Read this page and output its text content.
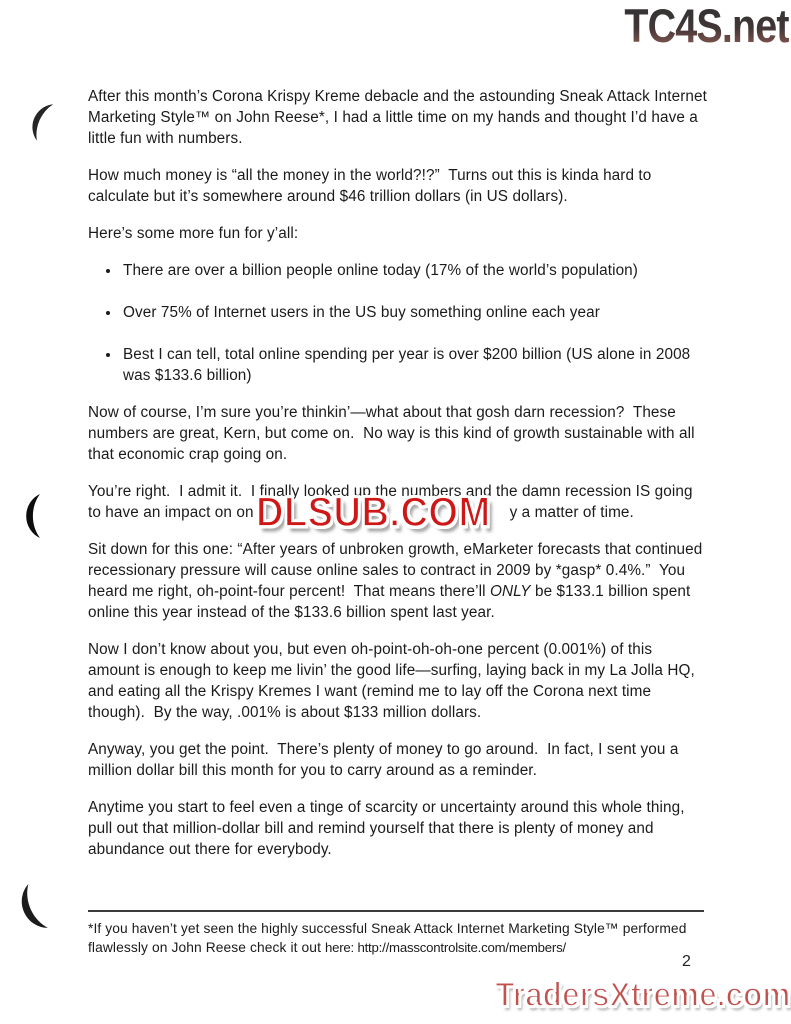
TC4S.net

After this month’s Corona Krispy Kreme debacle and the astounding Sneak Attack Internet Marketing Style™ on John Reese*, I had a little time on my hands and thought I’d have a little fun with numbers.

How much money is “all the money in the world?!?”  Turns out this is kinda hard to calculate but it’s somewhere around $46 trillion dollars (in US dollars).

Here’s some more fun for y’all:

• There are over a billion people online today (17% of the world’s population)
• Over 75% of Internet users in the US buy something online each year
• Best I can tell, total online spending per year is over $200 billion (US alone in 2008 was $133.6 billion)

Now of course, I’m sure you’re thinkin’—what about that gosh darn recession?  These numbers are great, Kern, but come on.  No way is this kind of growth sustainable with all that economic crap going on.

You’re right.  I admit it.  I finally looked up the numbers and the damn recession IS going
to have an impact on on	y a matter of time.
DLSUB.COM

Sit down for this one: “After years of unbroken growth, eMarketer forecasts that continued recessionary pressure will cause online sales to contract in 2009 by *gasp* 0.4%.”  You heard me right, oh-point-four percent!  That means there’ll ONLY be $133.1 billion spent online this year instead of the $133.6 billion spent last year.

Now I don’t know about you, but even oh-point-oh-oh-one percent (0.001%) of this amount is enough to keep me livin’ the good life—surfing, laying back in my La Jolla HQ, and eating all the Krispy Kremes I want (remind me to lay off the Corona next time though).  By the way, .001% is about $133 million dollars.

Anyway, you get the point.  There’s plenty of money to go around.  In fact, I sent you a million dollar bill this month for you to carry around as a reminder.

Anytime you start to feel even a tinge of scarcity or uncertainty around this whole thing, pull out that million-dollar bill and remind yourself that there is plenty of money and abundance out there for everybody.

*If you haven’t yet seen the highly successful Sneak Attack Internet Marketing Style™ performed flawlessly on John Reese check it out here: http://masscontrolsite.com/members/
2
TradersXtreme.com
